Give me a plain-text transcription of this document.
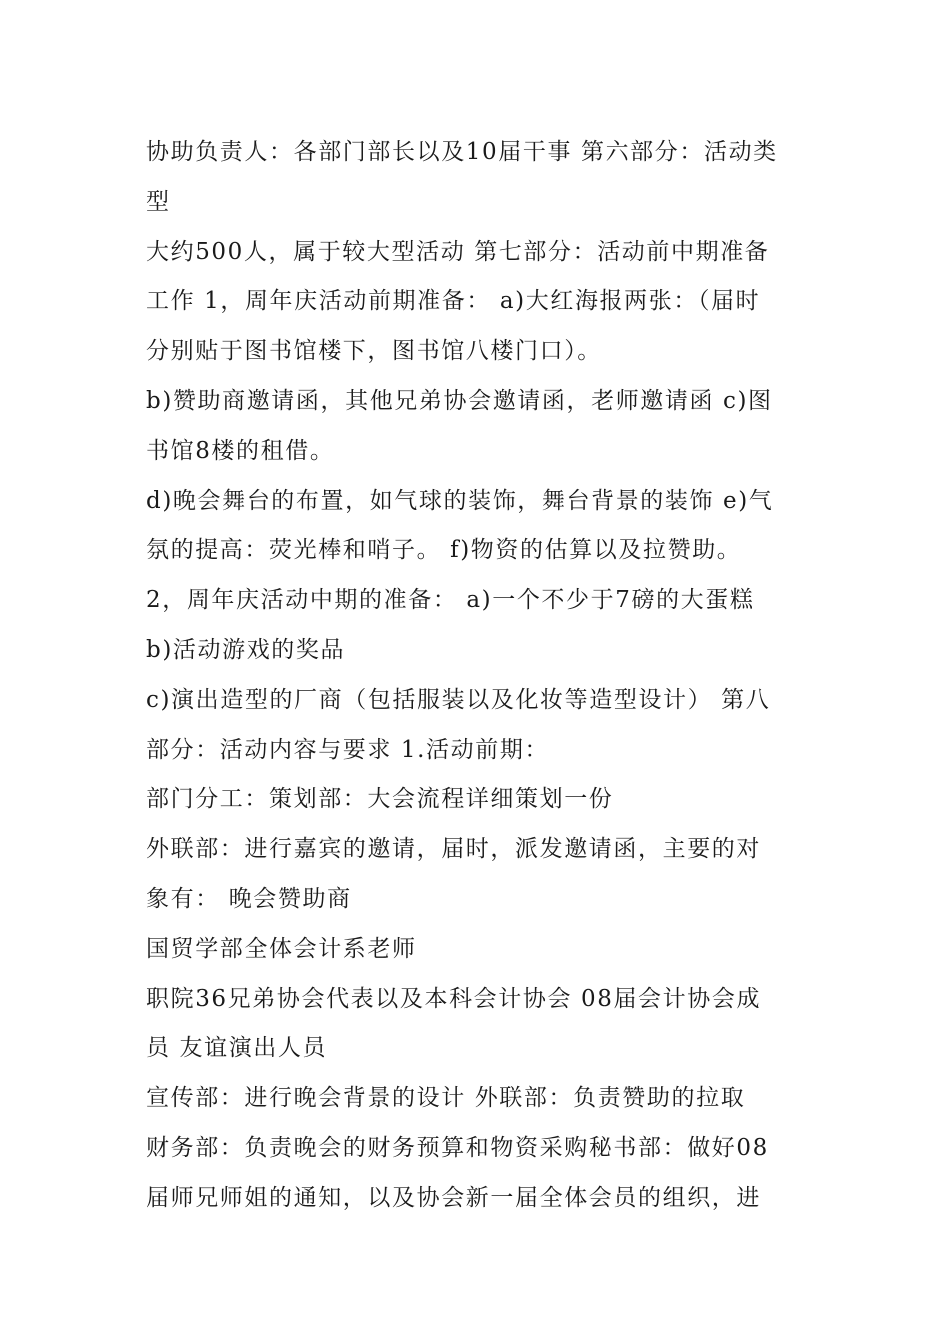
协助负责人：各部门部长以及10届干事 第六部分：活动类
型
大约500人，属于较大型活动 第七部分：活动前中期准备
工作 1，周年庆活动前期准备： a)大红海报两张：（届时
分别贴于图书馆楼下，图书馆八楼门口）。
b)赞助商邀请函，其他兄弟协会邀请函，老师邀请函 c)图
书馆8楼的租借。
d)晚会舞台的布置，如气球的装饰，舞台背景的装饰 e)气
氛的提高：荧光棒和哨子。 f)物资的估算以及拉赞助。
2，周年庆活动中期的准备： a)一个不少于7磅的大蛋糕
b)活动游戏的奖品
c)演出造型的厂商（包括服装以及化妆等造型设计） 第八
部分：活动内容与要求 1.活动前期：
部门分工：策划部：大会流程详细策划一份
外联部：进行嘉宾的邀请，届时，派发邀请函，主要的对
象有： 晚会赞助商
国贸学部全体会计系老师
职院36兄弟协会代表以及本科会计协会 08届会计协会成
员 友谊演出人员
宣传部：进行晚会背景的设计 外联部：负责赞助的拉取
财务部：负责晚会的财务预算和物资采购秘书部：做好08
届师兄师姐的通知，以及协会新一届全体会员的组织，进
